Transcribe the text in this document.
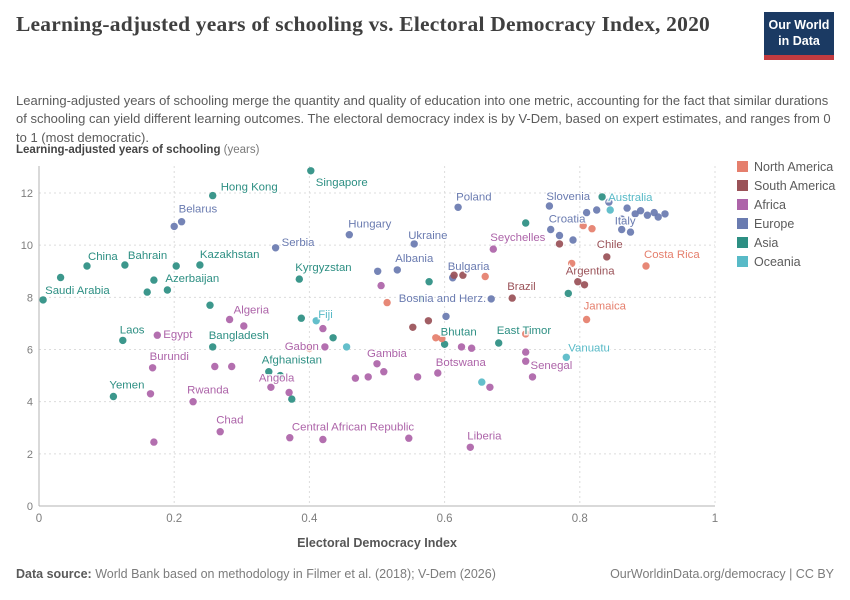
Learning-adjusted years of schooling vs. Electoral Democracy Index, 2020	Our World
in Data
Learning-adjusted years of schooling merge the quantity and quality of education into one metric, accounting for the fact that similar durations of schooling can yield different learning outcomes. The electoral democracy index is by V-Dem, based on expert estimates, and ranges from 0 to 1 (most democratic).
Learning-adjusted years of schooling (years)
0	0.2	0.4	0.6	0.8	1
0
2
4
6
8
10
12
Saudi Arabia
China Bahrain	Kazakhstan
Azerbaijan
Laos
Yemen
Bangladesh
Hong Kong	Singapore
Kyrgyzstan
Afghanistan
Bhutan East Timor
Fiji
Vanuatu
Australia
Belarus
Serbia
Hungary
Ukraine
Albania
Poland
Bulgaria
Bosnia and Herz.
Slovenia
Croatia	Italy
Egypt
Burundi
Algeria
Rwanda
Chad
Angola
Gabon
Gambia
Central African Republic
Liberia
Botswana
Seychelles
Senegal
Jamaica
Costa Rica
Brazil
Argentina
Chile
North America
South America
Africa
Europe
Asia
Oceania
Electoral Democracy Index
Data source: World Bank based on methodology in Filmer et al. (2018); V-Dem (2026)	OurWorldinData.org/democracy | CC BY
